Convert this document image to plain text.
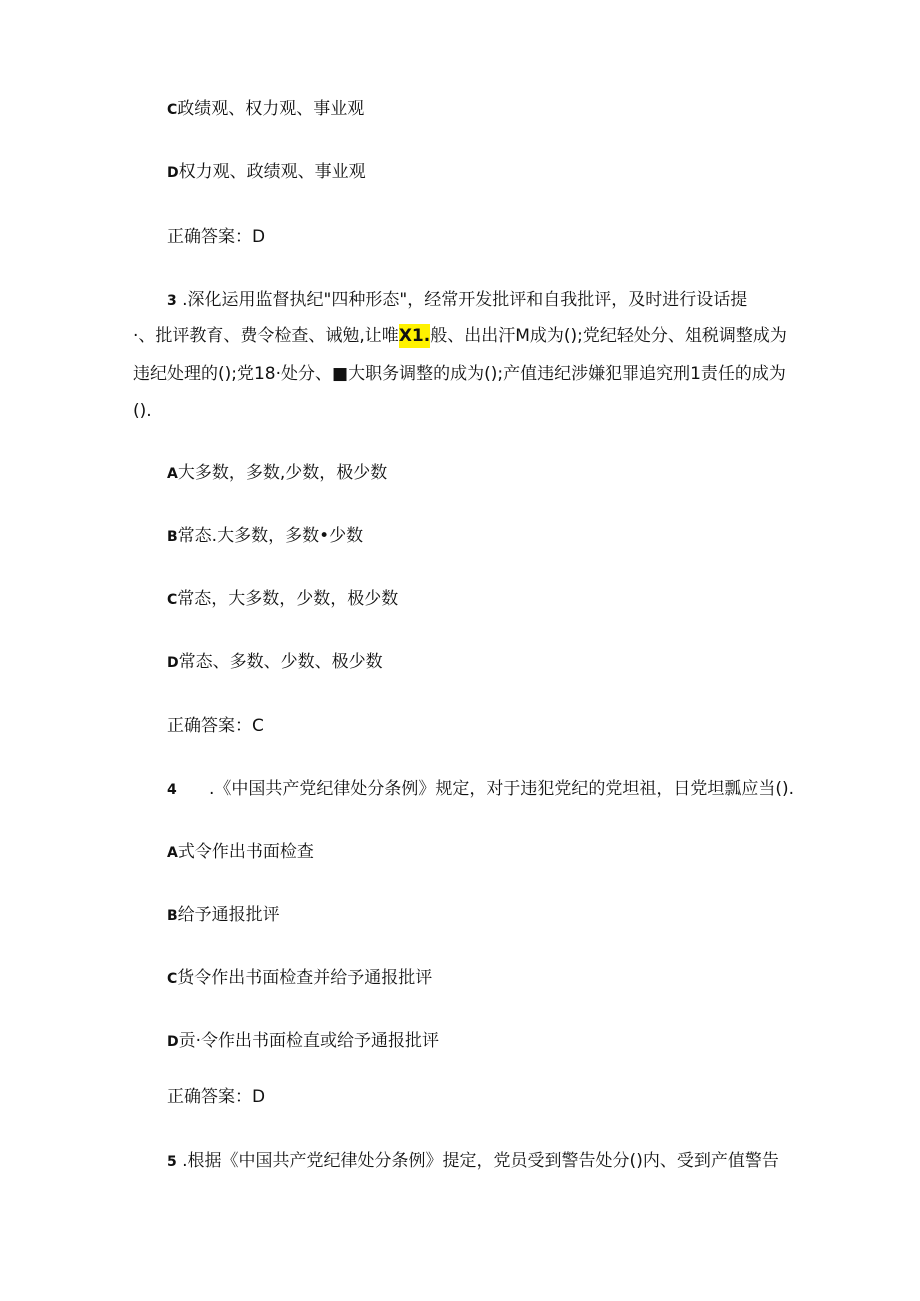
C政绩观、权力观、事业观
D权力观、政绩观、事业观
正确答案：D
3 .深化运用监督执纪"四种形态"，经常开发批评和自我批评，及时进行设话提
·、批评教育、费令检查、诫勉,让唯X1.般、出出汗M成为();党纪轻处分、俎税调整成为
违纪处理的();党18·处分、■大职务调整的成为();产值违纪涉嫌犯罪追究刑1责任的成为
().
A大多数，多数,少数，极少数
B常态.大多数，多数•少数
C常态，大多数，少数，极少数
D常态、多数、少数、极少数
正确答案：C
4 .《中国共产党纪律处分条例》规定，对于违犯党纪的党坦祖，日党坦瓢应当().
A式令作出书面检查
B给予通报批评
C货令作出书面检查并给予通报批评
D贡·令作出书面检直或给予通报批评
正确答案：D
5 .根据《中国共产党纪律处分条例》提定，党员受到警告处分()内、受到产值警告
